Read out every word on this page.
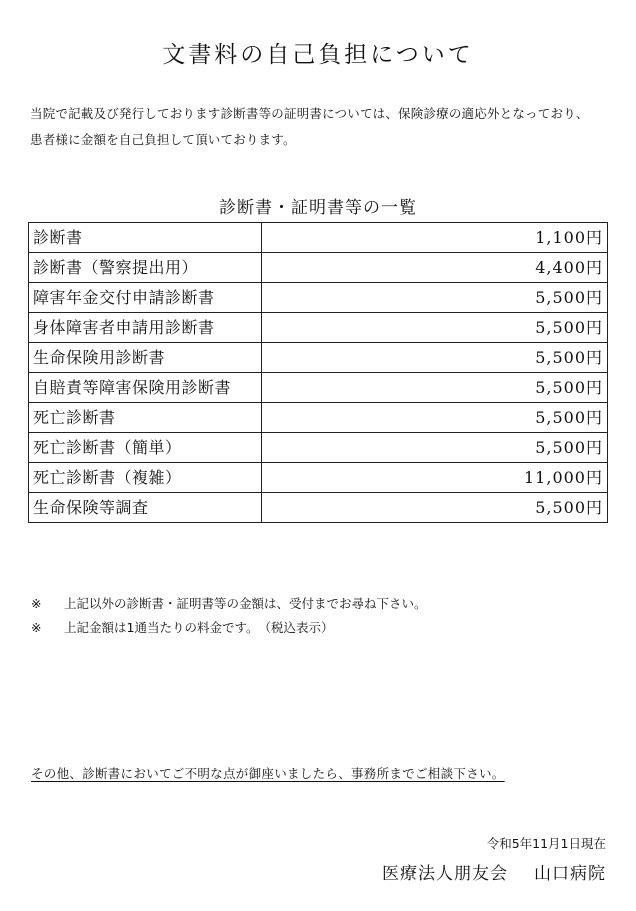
文書料の自己負担について

当院で記載及び発行しております診断書等の証明書については、保険診療の適応外となっており、

患者様に金額を自己負担して頂いております。

診断書・証明書等の一覧
診断書	1,100円
診断書（警察提出用）	4,400円
障害年金交付申請診断書	5,500円
身体障害者申請用診断書	5,500円
生命保険用診断書	5,500円
自賠責等障害保険用診断書	5,500円
死亡診断書	5,500円
死亡診断書（簡単）	5,500円
死亡診断書（複雑）	11,000円
生命保険等調査	5,500円

※ 上記以外の診断書・証明書等の金額は、受付までお尋ね下さい。

※ 上記金額は1通当たりの料金です。　（税込表示）

その他、診断書においてご不明な点が御座いましたら、事務所までご相談下さい。
令和5年11月1日現在
医療法人朋友会 山口病院
